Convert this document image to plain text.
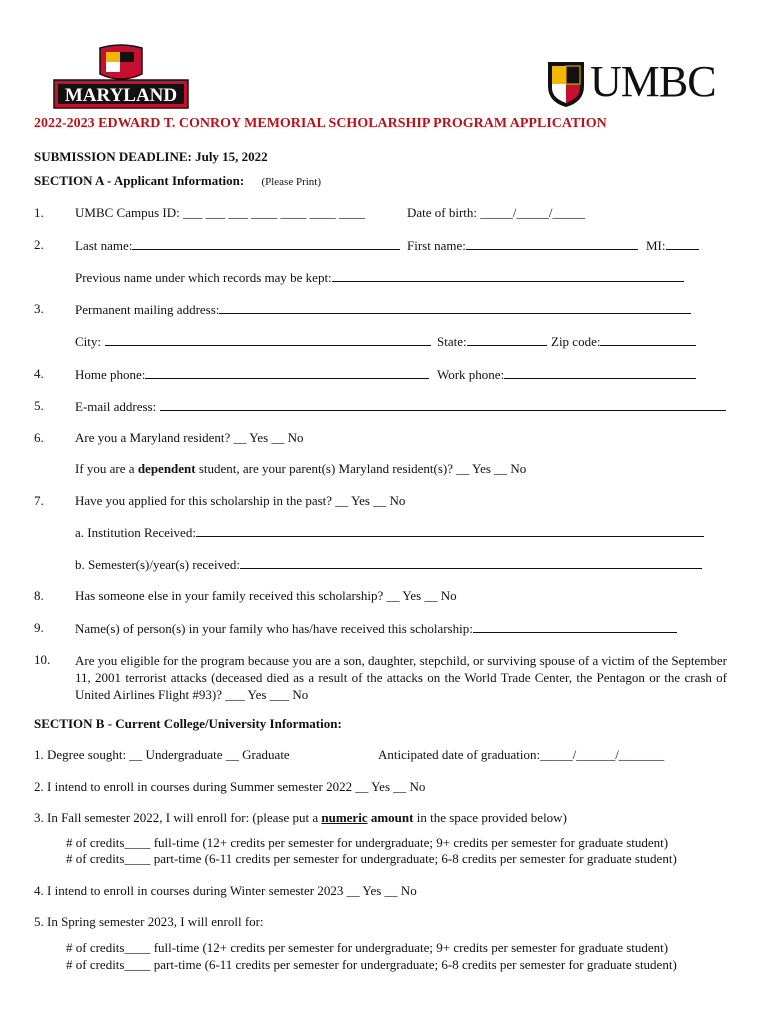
MARYLAND	UMBC
2022-2023 EDWARD T. CONROY MEMORIAL SCHOLARSHIP PROGRAM APPLICATION
SUBMISSION DEADLINE: July 15, 2022
SECTION A - Applicant Information: (Please Print)
1. UMBC Campus ID: ___ ___ ___ ____ ____ ____ ____	Date of birth: _____/_____/_____
2. Last name:	First name:	MI:
Previous name under which records may be kept:
3. Permanent mailing address:
City:	State:	Zip code:
4. Home phone:	Work phone:
5. E-mail address:
6. Are you a Maryland resident? __ Yes __ No
If you are a dependent student, are your parent(s) Maryland resident(s)? __ Yes __ No
7. Have you applied for this scholarship in the past? __ Yes __ No
a. Institution Received:
b. Semester(s)/year(s) received:
8. Has someone else in your family received this scholarship? __ Yes __ No
9. Name(s) of person(s) in your family who has/have received this scholarship:
10. Are you eligible for the program because you are a son, daughter, stepchild, or surviving spouse of a victim of the September 11, 2001 terrorist attacks (deceased died as a result of the attacks on the World Trade Center, the Pentagon or the crash of United Airlines Flight #93)? ___ Yes ___ No
SECTION B - Current College/University Information:
1. Degree sought: __ Undergraduate __ Graduate	Anticipated date of graduation:_____/______/_______
2. I intend to enroll in courses during Summer semester 2022 __ Yes __ No
3. In Fall semester 2022, I will enroll for: (please put a numeric amount in the space provided below)
# of credits____ full-time (12+ credits per semester for undergraduate; 9+ credits per semester for graduate student)
# of credits____ part-time (6-11 credits per semester for undergraduate; 6-8 credits per semester for graduate student)
4. I intend to enroll in courses during Winter semester 2023 __ Yes __ No
5. In Spring semester 2023, I will enroll for:
# of credits____ full-time (12+ credits per semester for undergraduate; 9+ credits per semester for graduate student)
# of credits____ part-time (6-11 credits per semester for undergraduate; 6-8 credits per semester for graduate student)
